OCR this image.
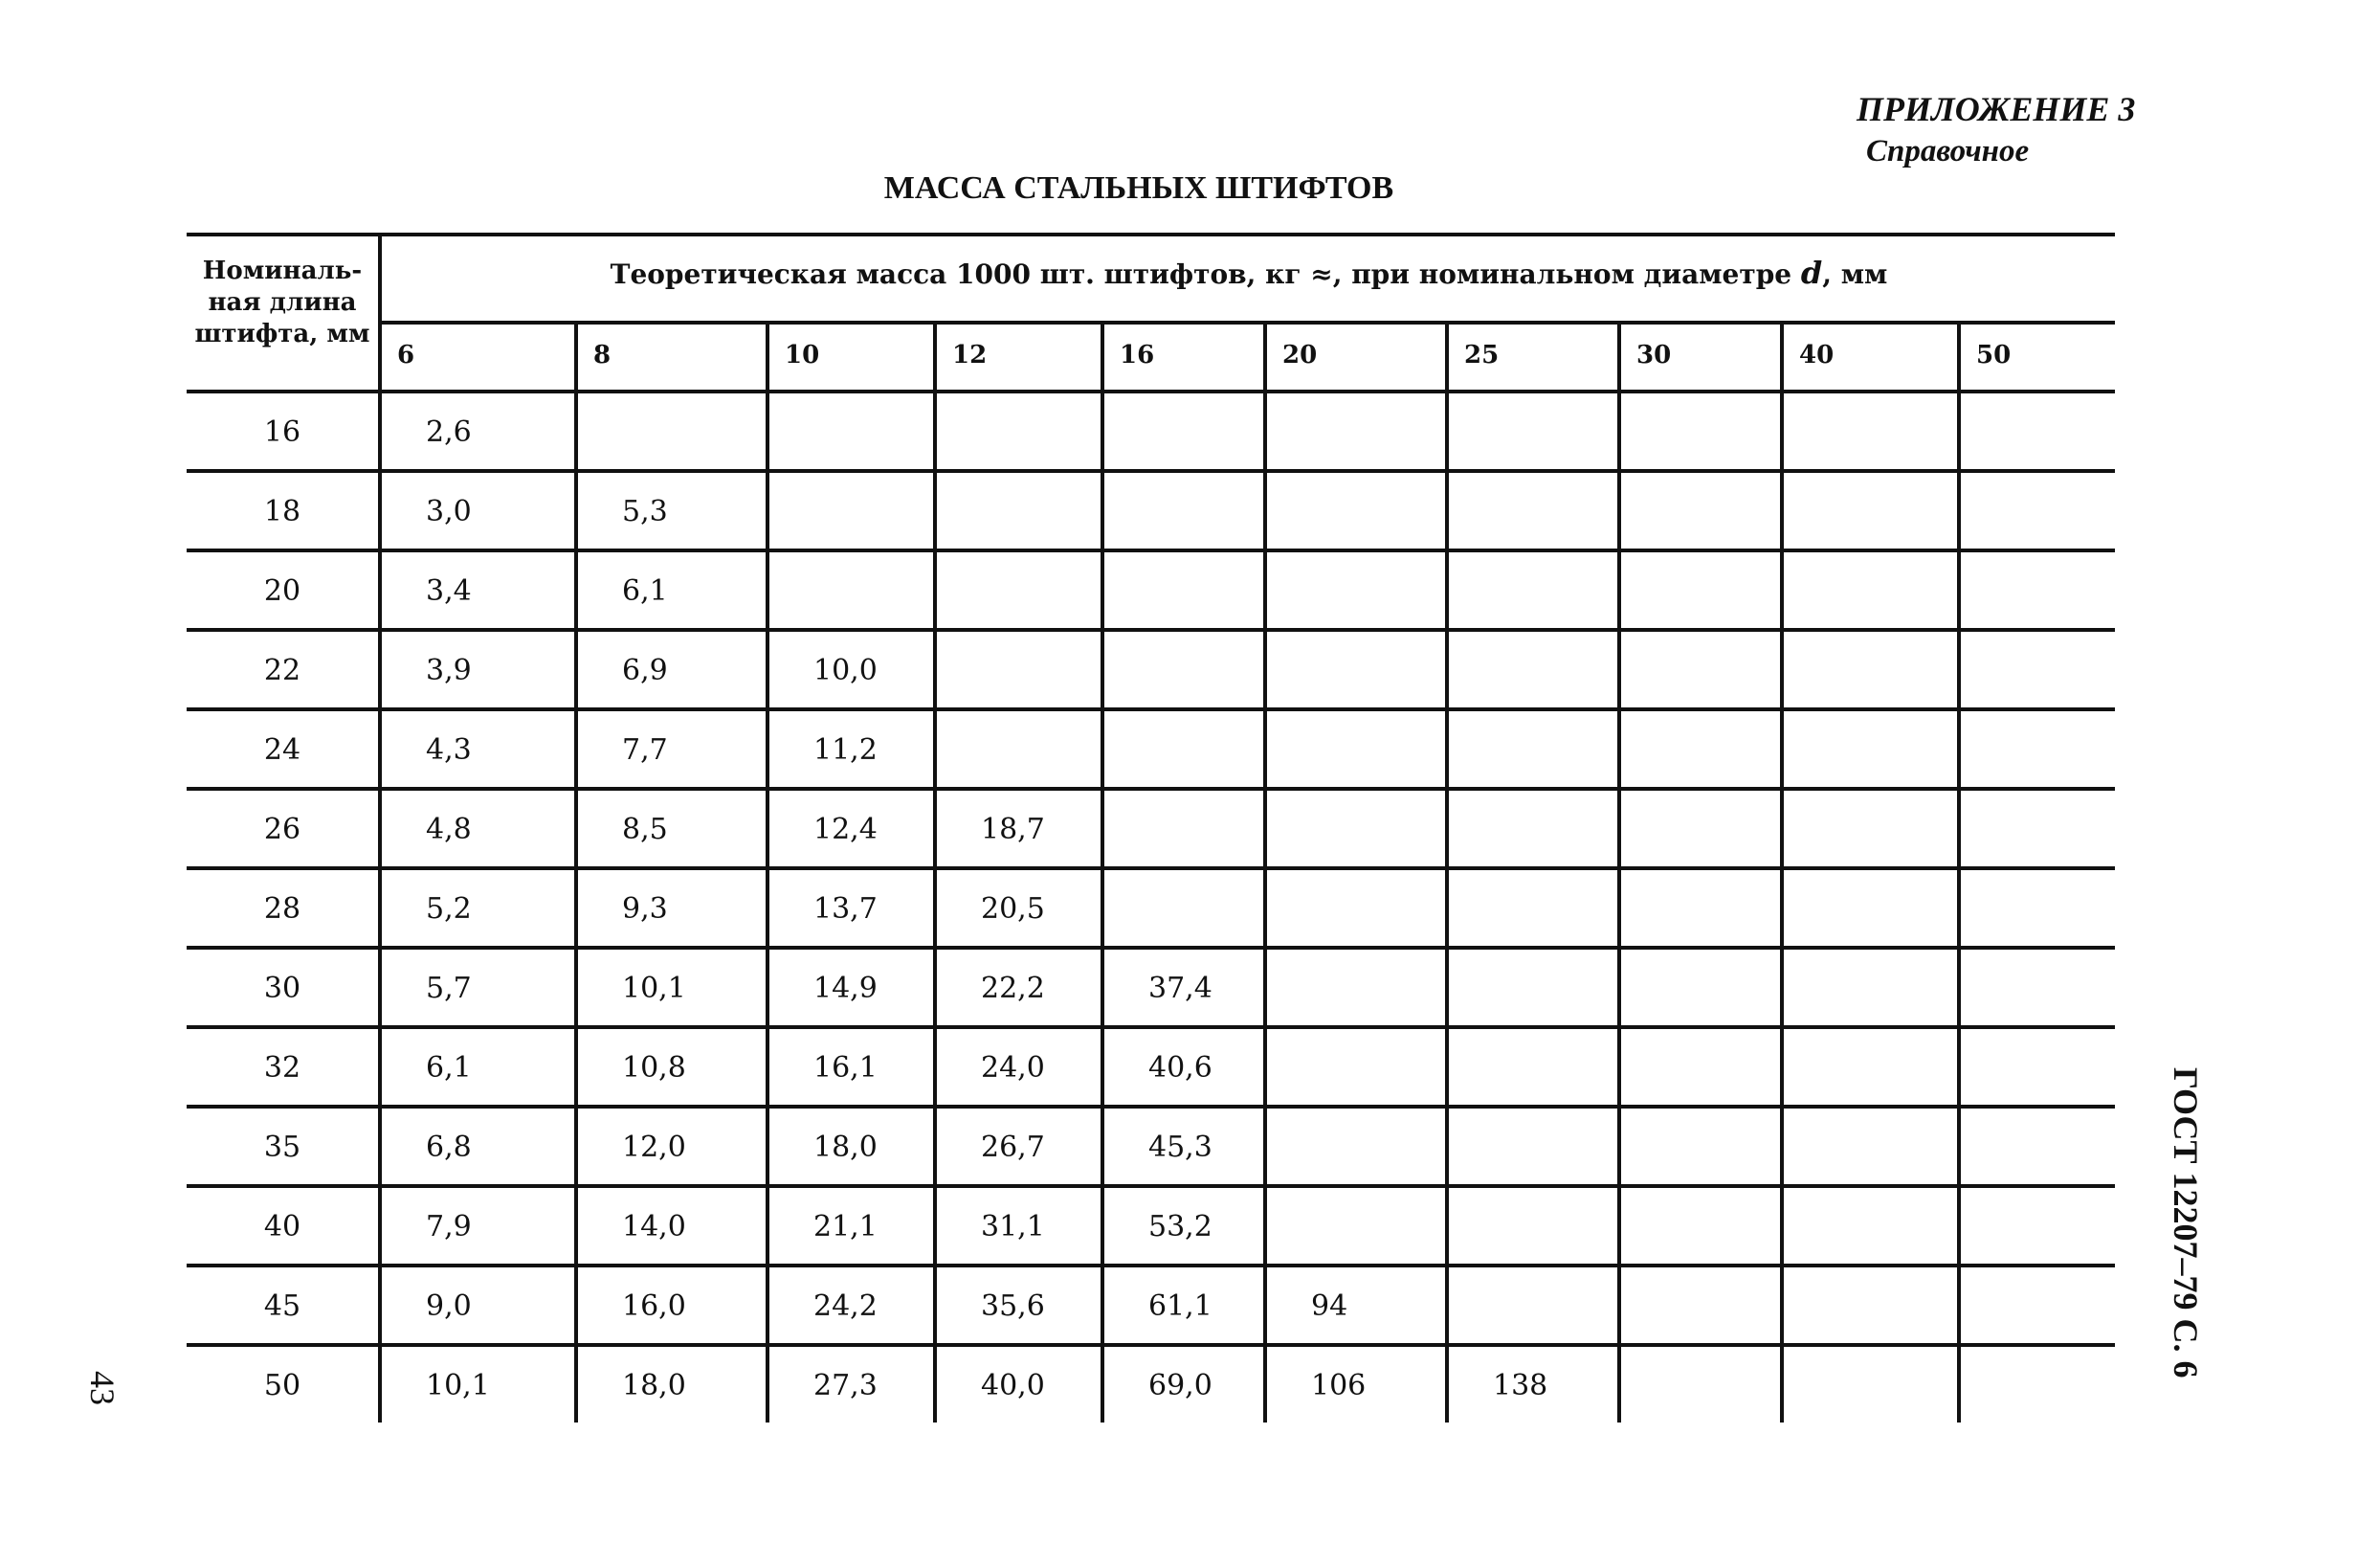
ПРИЛОЖЕНИЕ 3
Справочное
МАССА СТАЛЬНЫХ ШТИФТОВ
Номиналь-
ная длина
штифта, мм
Теоретическая масса 1000 шт. штифтов, кг ≈, при номинальном диаметре d, мм
6	8	10	12	16	20	25	30	40	50
16	2,6
18	3,0	5,3
20	3,4	6,1
22	3,9	6,9	10,0
24	4,3	7,7	11,2
26	4,8	8,5	12,4	18,7
28	5,2	9,3	13,7	20,5
30	5,7	10,1	14,9	22,2	37,4
32	6,1	10,8	16,1	24,0	40,6
35	6,8	12,0	18,0	26,7	45,3
40	7,9	14,0	21,1	31,1	53,2
45	9,0	16,0	24,2	35,6	61,1	94
50	10,1	18,0	27,3	40,0	69,0	106	138
ГОСТ 12207–79 С. 6
43
